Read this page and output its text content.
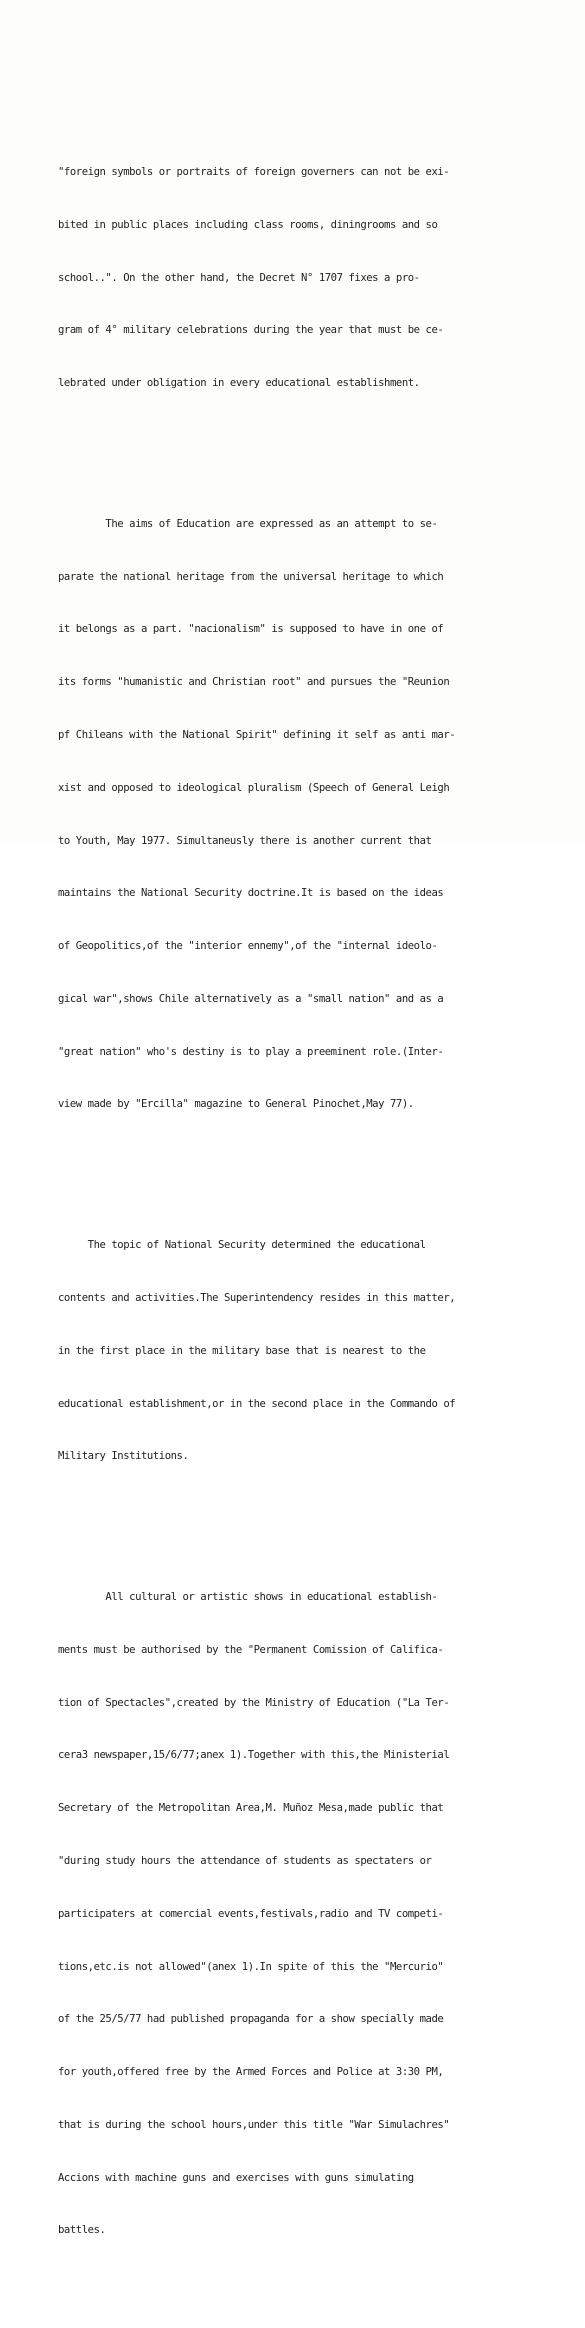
"foreign symbols or portraits of foreign governers can not be exi-

bited in public places including class rooms, diningrooms and so

school..". On the other hand, the Decret N° 1707 fixes a pro-

gram of 4° military celebrations during the year that must be ce-

lebrated under obligation in every educational establishment.

The aims of Education are expressed as an attempt to se-

parate the national heritage from the universal heritage to which

it belongs as a part. "nacionalism" is supposed to have in one of

its forms "humanistic and Christian root" and pursues the "Reunion

pf Chileans with the National Spirit" defining it self as anti mar-

xist and opposed to ideological pluralism (Speech of General Leigh

to Youth, May 1977. Simultaneusly there is another current that

maintains the National Security doctrine.It is based on the ideas

of Geopolitics,of the "interior ennemy",of the "internal ideolo-

gical war",shows Chile alternatively as a "small nation" and as a

"great nation" who's destiny is to play a preeminent role.(Inter-

view made by "Ercilla" magazine to General Pinochet,May 77).

The topic of National Security determined the educational

contents and activities.The Superintendency resides in this matter,

in the first place in the military base that is nearest to the

educational establishment,or in the second place in the Commando of

Military Institutions.

All cultural or artistic shows in educational establish-

ments must be authorised by the "Permanent Comission of Califica-

tion of Spectacles",created by the Ministry of Education ("La Ter-

cera3 newspaper,15/6/77;anex 1).Together with this,the Ministerial

Secretary of the Metropolitan Area,M. Muñoz Mesa,made public that

"during study hours the attendance of students as spectaters or

participaters at comercial events,festivals,radio and TV competi-

tions,etc.is not allowed"(anex 1).In spite of this the "Mercurio"

of the 25/5/77 had published propaganda for a show specially made

for youth,offered free by the Armed Forces and Police at 3:30 PM,

that is during the school hours,under this title "War Simulachres"

Accions with machine guns and exercises with guns simulating

battles.
